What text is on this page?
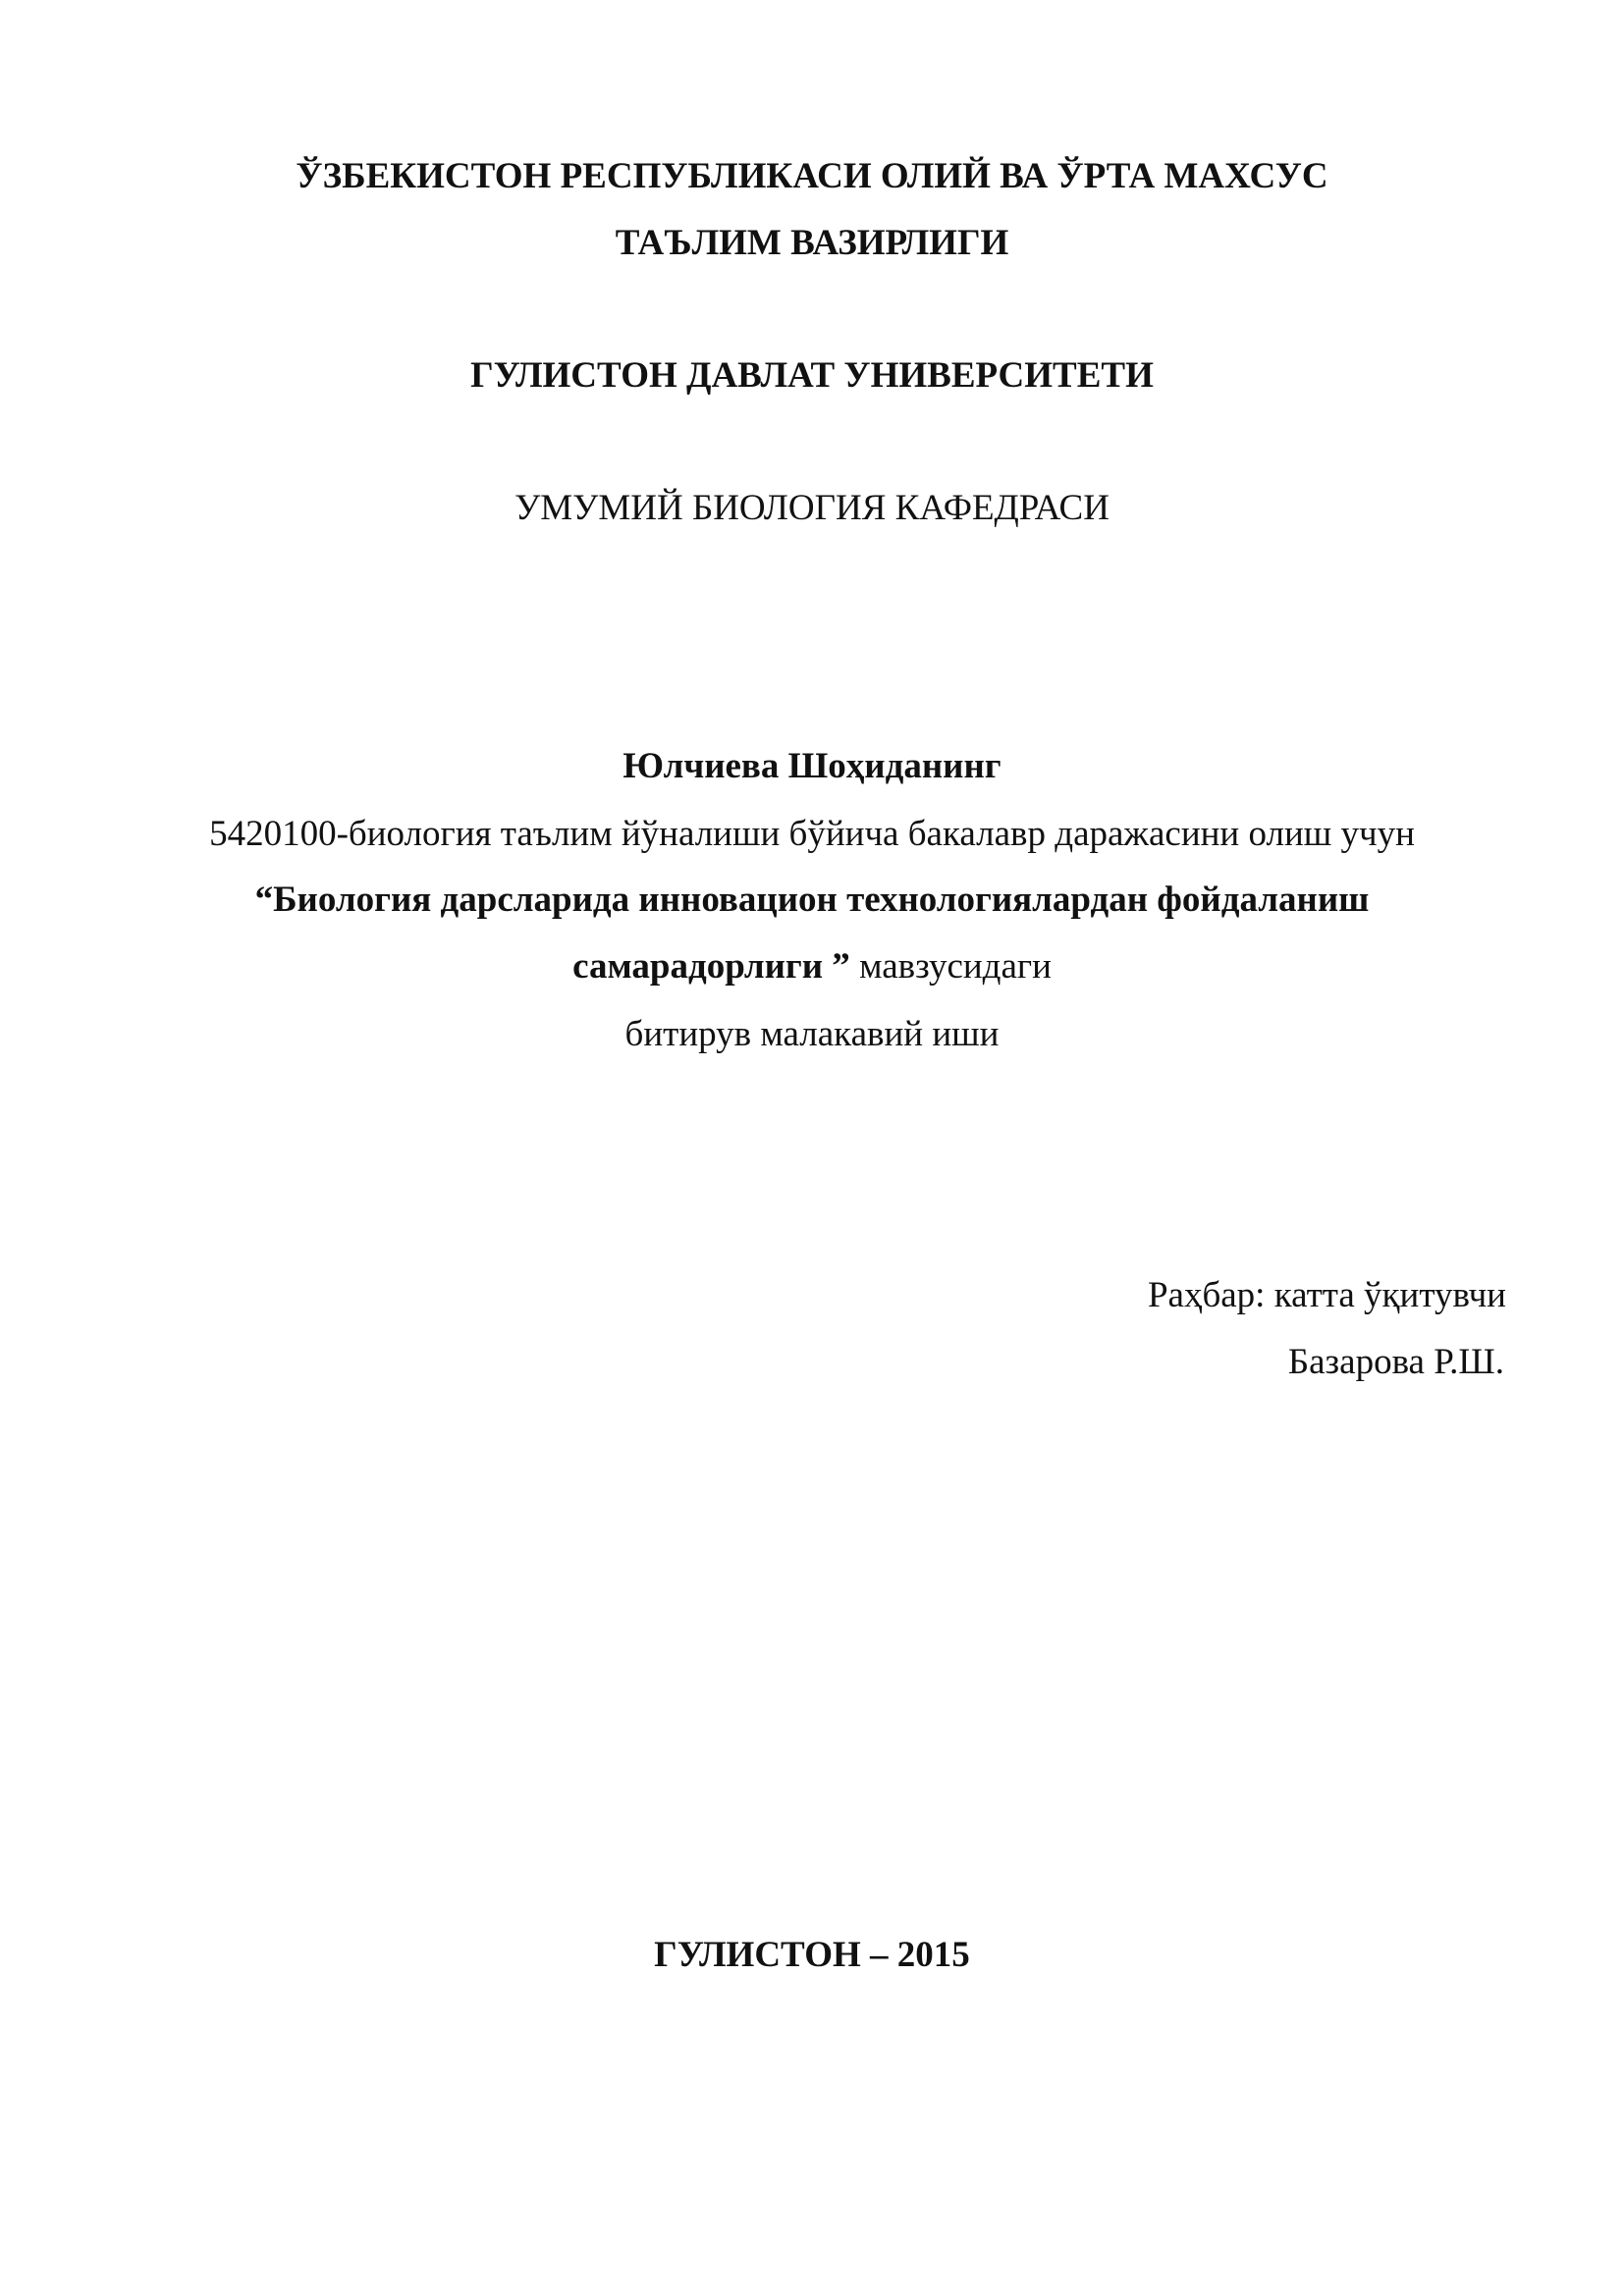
ЎЗБЕКИСТОН РЕСПУБЛИКАСИ ОЛИЙ ВА ЎРТА МАХСУС
ТАЪЛИМ ВАЗИРЛИГИ
ГУЛИСТОН ДАВЛАТ УНИВЕРСИТЕТИ
УМУМИЙ БИОЛОГИЯ КАФЕДРАСИ
Юлчиева Шоҳиданинг
5420100-биология таълим йўналиши бўйича бакалавр даражасини олиш учун
“Биология дарсларида инновацион технологиялардан фойдаланиш
самарадорлиги ” мавзусидаги
битирув малакавий иши
Раҳбар: катта ўқитувчи
Базарова Р.Ш.
ГУЛИСТОН – 2015
